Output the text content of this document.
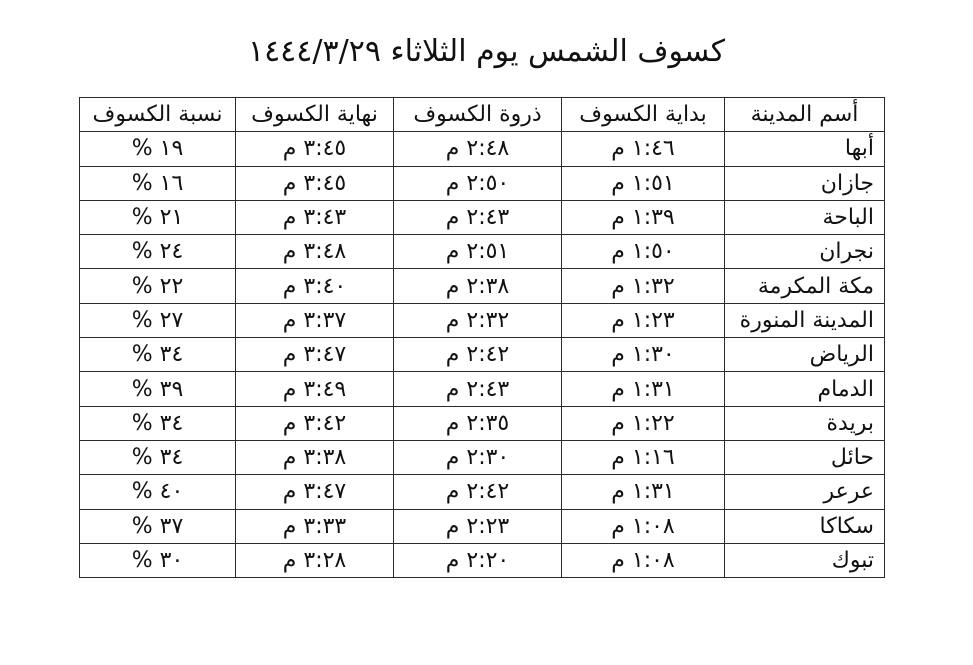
كسوف الشمس يوم الثلاثاء ١٤٤٤/٣/٢٩
أسم المدينة	بداية الكسوف	ذروة الكسوف	نهاية الكسوف	نسبة الكسوف
أبها	١:٤٦ م	٢:٤٨ م	٣:٤٥ م	١٩ %
جازان	١:٥١ م	٢:٥٠ م	٣:٤٥ م	١٦ %
الباحة	١:٣٩ م	٢:٤٣ م	٣:٤٣ م	٢١ %
نجران	١:٥٠ م	٢:٥١ م	٣:٤٨ م	٢٤ %
مكة المكرمة	١:٣٢ م	٢:٣٨ م	٣:٤٠ م	٢٢ %
المدينة المنورة	١:٢٣ م	٢:٣٢ م	٣:٣٧ م	٢٧ %
الرياض	١:٣٠ م	٢:٤٢ م	٣:٤٧ م	٣٤ %
الدمام	١:٣١ م	٢:٤٣ م	٣:٤٩ م	٣٩ %
بريدة	١:٢٢ م	٢:٣٥ م	٣:٤٢ م	٣٤ %
حائل	١:١٦ م	٢:٣٠ م	٣:٣٨ م	٣٤ %
عرعر	١:٣١ م	٢:٤٢ م	٣:٤٧ م	٤٠ %
سكاكا	١:٠٨ م	٢:٢٣ م	٣:٣٣ م	٣٧ %
تبوك	١:٠٨ م	٢:٢٠ م	٣:٢٨ م	٣٠ %
